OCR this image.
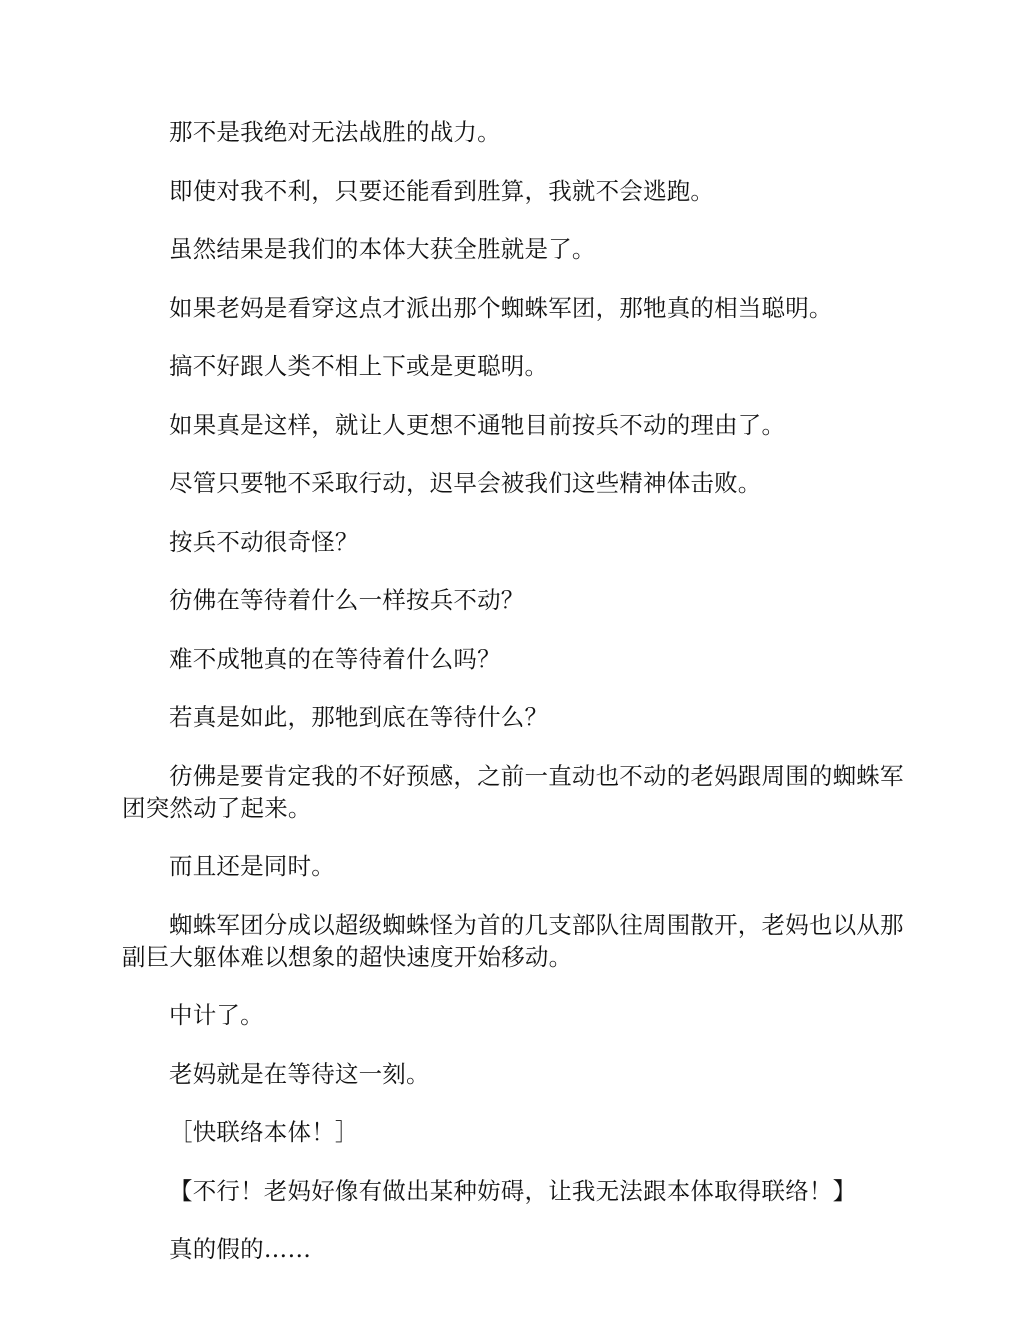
那不是我绝对无法战胜的战力。

即使对我不利，只要还能看到胜算，我就不会逃跑。

虽然结果是我们的本体大获全胜就是了。

如果老妈是看穿这点才派出那个蜘蛛军团，那牠真的相当聪明。

搞不好跟人类不相上下或是更聪明。

如果真是这样，就让人更想不通牠目前按兵不动的理由了。

尽管只要牠不采取行动，迟早会被我们这些精神体击败。

按兵不动很奇怪？

彷佛在等待着什么一样按兵不动？

难不成牠真的在等待着什么吗？

若真是如此，那牠到底在等待什么？

彷佛是要肯定我的不好预感，之前一直动也不动的老妈跟周围的蜘蛛军团突然动了起来。

而且还是同时。

蜘蛛军团分成以超级蜘蛛怪为首的几支部队往周围散开，老妈也以从那副巨大躯体难以想象的超快速度开始移动。

中计了。

老妈就是在等待这一刻。

［快联络本体！］

【不行！老妈好像有做出某种妨碍，让我无法跟本体取得联络！】

真的假的……
